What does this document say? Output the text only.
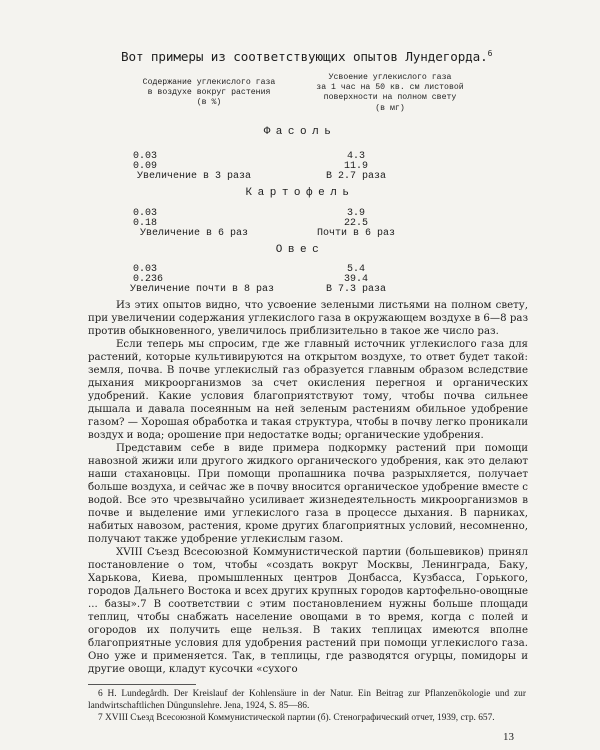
Вот примеры из соответствующих опытов Лундегорда.$^6$
Содержание углекислого газа
в воздухе вокруг растения
(в %)
Усвоение углекислого газа
за 1 час на 50 кв. см листовой
поверхности на полном свету
(в мг)
Фасоль
0.03	4.3
0.09	11.9
Увеличение в 3 раза	В 2.7 раза
Картофель
0.03	3.9
0.18	22.5
Увеличение в 6 раз	Почти в 6 раз
Овес
0.03	5.4
0.236	39.4
Увеличение почти в 8 раз	В 7.3 раза

Из этих опытов видно, что усвоение зелеными листьями на полном свету, при увеличении содержания углекислого газа в окружающем воздухе в 6—8 раз против обыкновенного, увеличилось приблизительно в такое же число раз.

Если теперь мы спросим, где же главный источник углекислого газа для растений, которые культивируются на открытом воздухе, то ответ будет такой: земля, почва. В почве углекислый газ образуется главным образом вследствие дыхания микроорганизмов за счет окисления перегноя и органических удобрений. Какие условия благоприятствуют тому, чтобы почва сильнее дышала и давала посеянным на ней зеленым растениям обильное удобрение газом? — Хорошая обработка и такая структура, чтобы в почву легко проникали воздух и вода; орошение при недостатке воды; органические удобрения.

Представим себе в виде примера подкормку растений при помощи навозной жижи или другого жидкого органического удобрения, как это делают наши стахановцы. При помощи пропашника почва разрыхляется, получает больше воздуха, и сейчас же в почву вносится органическое удобрение вместе с водой. Все это чрезвычайно усиливает жизнедеятельность микроорганизмов в почве и выделение ими углекислого газа в процессе дыхания. В парниках, набитых навозом, растения, кроме других благоприятных условий, несомненно, получают также удобрение углекислым газом.

XVIII Съезд Всесоюзной Коммунистической партии (большевиков) принял постановление о том, чтобы «создать вокруг Москвы, Ленинграда, Баку, Харькова, Киева, промышленных центров Донбасса, Кузбасса, Горького, городов Дальнего Востока и всех других крупных городов картофельно-овощные ... базы».7 В соответствии с этим постановлением нужны больше площади теплиц, чтобы снабжать население овощами в то время, когда с полей и огородов их получить еще нельзя. В таких теплицах имеются вполне благоприятные условия для удобрения растений при помощи углекислого газа. Оно уже и применяется. Так, в теплицы, где разводятся огурцы, помидоры и другие овощи, кладут кусочки «сухого

6 H. Lundegårdh. Der Kreislauf der Kohlensäure in der Natur. Ein Beitrag zur Pflanzenökologie und zur landwirtschaftlichen Düngunslehre. Jena, 1924, S. 85—86.

7 XVIII Съезд Всесоюзной Коммунистической партии (б). Стенографический отчет, 1939, стр. 657.

13
